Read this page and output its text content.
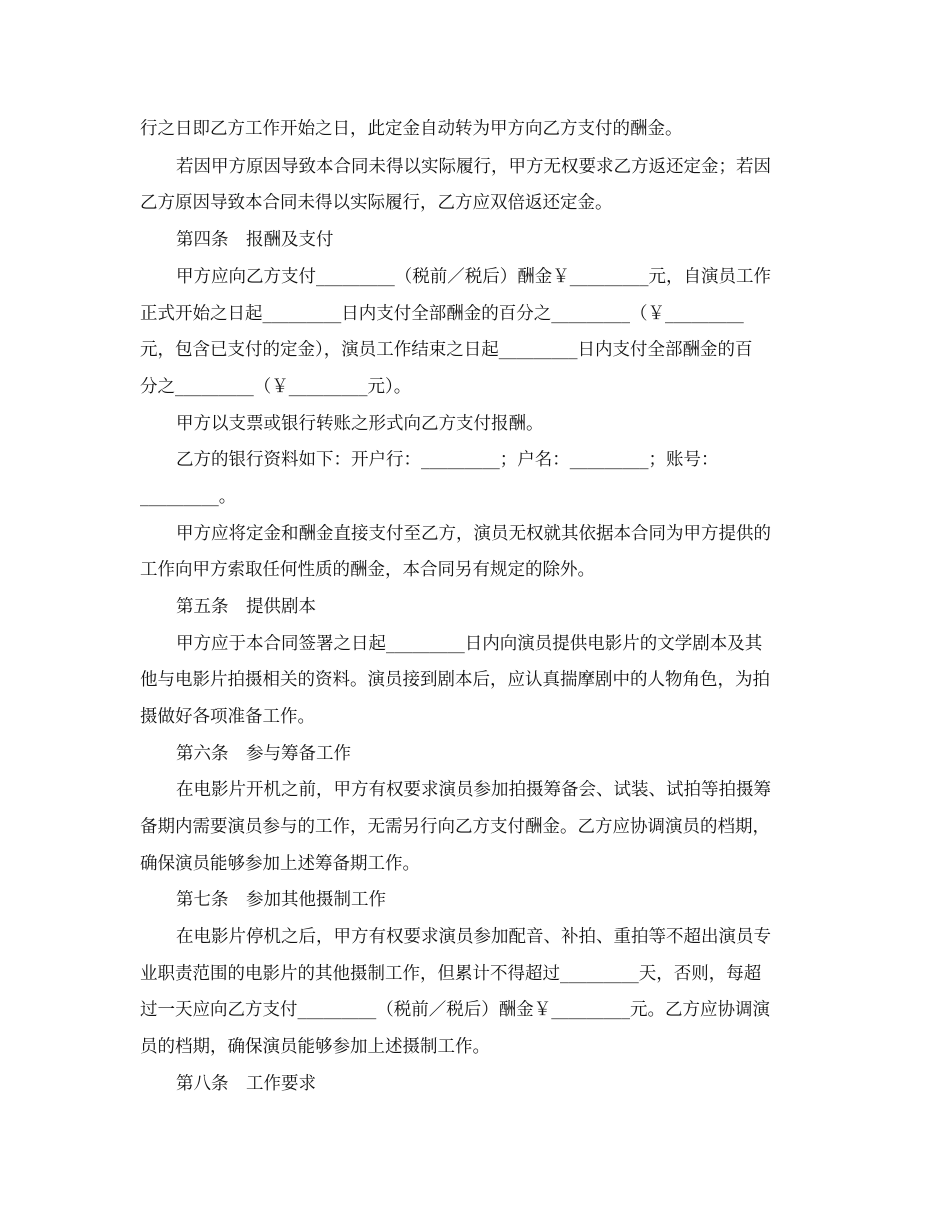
行之日即乙方工作开始之日，此定金自动转为甲方向乙方支付的酬金。
若因甲方原因导致本合同未得以实际履行，甲方无权要求乙方返还定金；若因
乙方原因导致本合同未得以实际履行，乙方应双倍返还定金。
第四条　报酬及支付
甲方应向乙方支付_________（税前／税后）酬金￥_________元，自演员工作
正式开始之日起_________日内支付全部酬金的百分之_________（￥_________
元，包含已支付的定金），演员工作结束之日起_________日内支付全部酬金的百
分之_________（￥_________元）。
甲方以支票或银行转账之形式向乙方支付报酬。
乙方的银行资料如下：开户行：_________；户名：_________；账号：
_________。
甲方应将定金和酬金直接支付至乙方，演员无权就其依据本合同为甲方提供的
工作向甲方索取任何性质的酬金，本合同另有规定的除外。
第五条　提供剧本
甲方应于本合同签署之日起_________日内向演员提供电影片的文学剧本及其
他与电影片拍摄相关的资料。演员接到剧本后，应认真揣摩剧中的人物角色，为拍
摄做好各项准备工作。
第六条　参与筹备工作
在电影片开机之前，甲方有权要求演员参加拍摄筹备会、试装、试拍等拍摄筹
备期内需要演员参与的工作，无需另行向乙方支付酬金。乙方应协调演员的档期，
确保演员能够参加上述筹备期工作。
第七条　参加其他摄制工作
在电影片停机之后，甲方有权要求演员参加配音、补拍、重拍等不超出演员专
业职责范围的电影片的其他摄制工作，但累计不得超过_________天，否则，每超
过一天应向乙方支付_________（税前／税后）酬金￥_________元。乙方应协调演
员的档期，确保演员能够参加上述摄制工作。
第八条　工作要求
